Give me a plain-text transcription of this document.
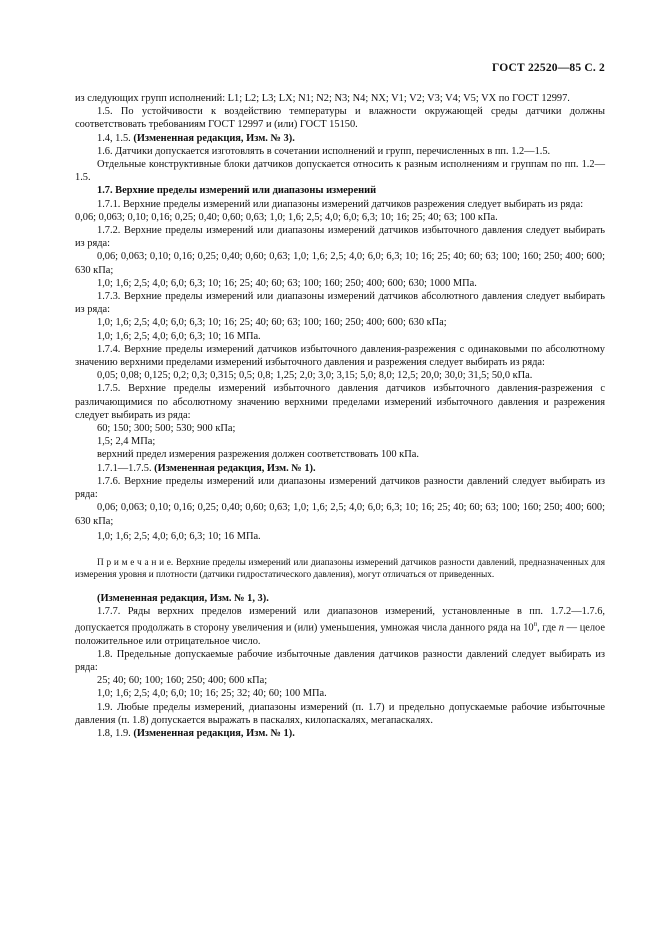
ГОСТ 22520—85 С. 2

из следующих групп исполнений: L1; L2; L3; LX; N1; N2; N3; N4; NX; V1; V2; V3; V4; V5; VX по ГОСТ 12997.

1.5. По устойчивости к воздействию температуры и влажности окружающей среды датчики должны соответствовать требованиям ГОСТ 12997 и (или) ГОСТ 15150.

1.4, 1.5. (Измененная редакция, Изм. № 3).

1.6. Датчики допускается изготовлять в сочетании исполнений и групп, перечисленных в пп. 1.2—1.5.

Отдельные конструктивные блоки датчиков допускается относить к разным исполнениям и группам по пп. 1.2—1.5.

1.7. Верхние пределы измерений или диапазоны измерений

1.7.1. Верхние пределы измерений или диапазоны измерений датчиков разрежения следует выбирать из ряда:

0,06; 0,063; 0,10; 0,16; 0,25; 0,40; 0,60; 0,63; 1,0; 1,6; 2,5; 4,0; 6,0; 6,3; 10; 16; 25; 40; 63; 100 кПа.

1.7.2. Верхние пределы измерений или диапазоны измерений датчиков избыточного давления следует выбирать из ряда:

0,06; 0,063; 0,10; 0,16; 0,25; 0,40; 0,60; 0,63; 1,0; 1,6; 2,5; 4,0; 6,0; 6,3; 10; 16; 25; 40; 60; 63; 100; 160; 250; 400; 600; 630 кПа;

1,0; 1,6; 2,5; 4,0; 6,0; 6,3; 10; 16; 25; 40; 60; 63; 100; 160; 250; 400; 600; 630; 1000 МПа.

1.7.3. Верхние пределы измерений или диапазоны измерений датчиков абсолютного давления следует выбирать из ряда:

1,0; 1,6; 2,5; 4,0; 6,0; 6,3; 10; 16; 25; 40; 60; 63; 100; 160; 250; 400; 600; 630 кПа;

1,0; 1,6; 2,5; 4,0; 6,0; 6,3; 10; 16 МПа.

1.7.4. Верхние пределы измерений датчиков избыточного давления-разрежения с одинаковыми по абсолютному значению верхними пределами измерений избыточного давления и разрежения следует выбирать из ряда:

0,05; 0,08; 0,125; 0,2; 0,3; 0,315; 0,5; 0,8; 1,25; 2,0; 3,0; 3,15; 5,0; 8,0; 12,5; 20,0; 30,0; 31,5; 50,0 кПа.

1.7.5. Верхние пределы измерений избыточного давления датчиков избыточного давления-разрежения с различающимися по абсолютному значению верхними пределами измерений избыточного давления и разрежения следует выбирать из ряда:

60; 150; 300; 500; 530; 900 кПа;

1,5; 2,4 МПа;

верхний предел измерения разрежения должен соответствовать 100 кПа.

1.7.1—1.7.5. (Измененная редакция, Изм. № 1).

1.7.6. Верхние пределы измерений или диапазоны измерений датчиков разности давлений следует выбирать из ряда:

0,06; 0,063; 0,10; 0,16; 0,25; 0,40; 0,60; 0,63; 1,0; 1,6; 2,5; 4,0; 6,0; 6,3; 10; 16; 25; 40; 60; 63; 100; 160; 250; 400; 600; 630 кПа;

1,0; 1,6; 2,5; 4,0; 6,0; 6,3; 10; 16 МПа.

П р и м е ч а н и е. Верхние пределы измерений или диапазоны измерений датчиков разности давлений, предназначенных для измерения уровня и плотности (датчики гидростатического давления), могут отличаться от приведенных.

(Измененная редакция, Изм. № 1, 3).

1.7.7. Ряды верхних пределов измерений или диапазонов измерений, установленные в пп. 1.7.2—1.7.6, допускается продолжать в сторону увеличения и (или) уменьшения, умножая числа данного ряда на 10$^n$, где n — целое положительное или отрицательное число.

1.8. Предельные допускаемые рабочие избыточные давления датчиков разности давлений следует выбирать из ряда:

25; 40; 60; 100; 160; 250; 400; 600 кПа;

1,0; 1,6; 2,5; 4,0; 6,0; 10; 16; 25; 32; 40; 60; 100 МПа.

1.9. Любые пределы измерений, диапазоны измерений (п. 1.7) и предельно допускаемые рабочие избыточные давления (п. 1.8) допускается выражать в паскалях, килопаскалях, мегапаскалях.

1.8, 1.9. (Измененная редакция, Изм. № 1).
